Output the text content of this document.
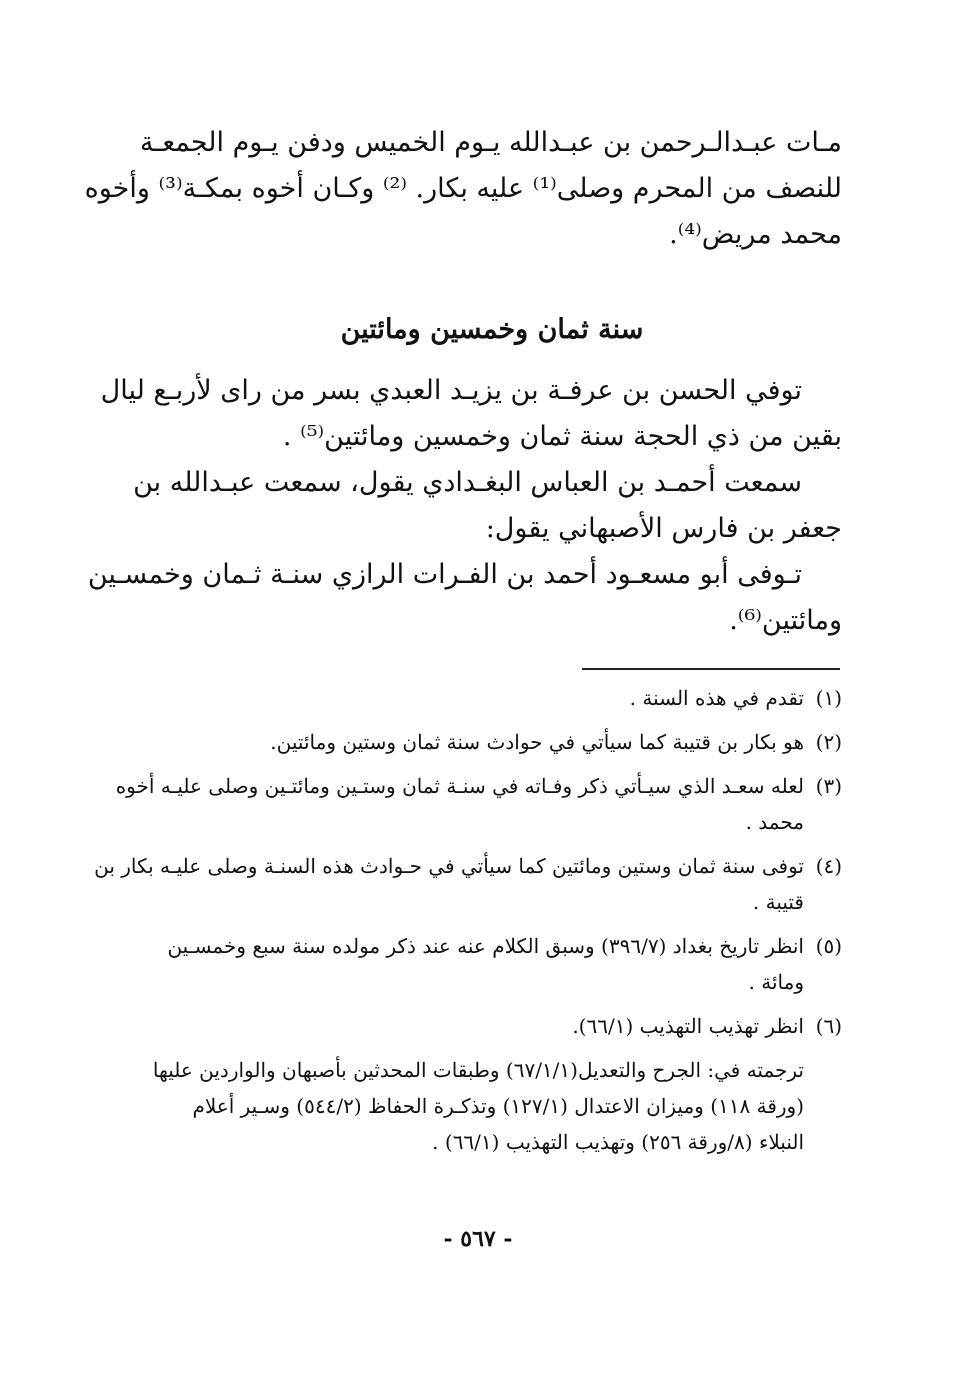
مـات عبـدالـرحمن بن عبـدالله يـوم الخميس ودفن يـوم الجمعـة
للنصف من المحرم وصلى⁽¹⁾ عليه بكار. ⁽²⁾ وكـان أخوه بمكـة⁽³⁾ وأخوه
محمد مريض⁽⁴⁾.
سنة ثمان وخمسين ومائتين
توفي الحسن بن عرفـة بن يزيـد العبدي بسر من راى لأربـع ليال
بقين من ذي الحجة سنة ثمان وخمسين ومائتين⁽⁵⁾ .
سمعت أحمـد بن العباس البغـدادي يقول، سمعت عبـدالله بن
جعفر بن فارس الأصبهاني يقول:
تـوفى أبو مسعـود أحمد بن الفـرات الرازي سنـة ثـمان وخمسـين
ومائتين⁽⁶⁾.
(١)
تقدم في هذه السنة .
(٢)
هو بكار بن قتيبة كما سيأتي في حوادث سنة ثمان وستين ومائتين.
(٣)
لعله سعـد الذي سيـأتي ذكر وفـاته في سنـة ثمان وستـين ومائتـين وصلى عليـه أخوه
محمد .
(٤)
توفى سنة ثمان وستين ومائتين كما سيأتي في حـوادث هذه السنـة وصلى عليـه بكار بن
قتيبة .
(٥)
انظر تاريخ بغداد (٣٩٦/٧) وسبق الكلام عنه عند ذكر مولده سنة سبع وخمسـين
ومائة .
(٦)
انظر تهذيب التهذيب (٦٦/١).
ترجمته في: الجرح والتعديل(٦٧/١/١) وطبقات المحدثين بأصبهان والواردين عليها
(ورقة ١١٨) وميزان الاعتدال (١٢٧/١) وتذكـرة الحفاظ (٥٤٤/٢) وسـير أعلام
النبلاء (٨/ورقة ٢٥٦) وتهذيب التهذيب (٦٦/١) .
- ٥٦٧ -
